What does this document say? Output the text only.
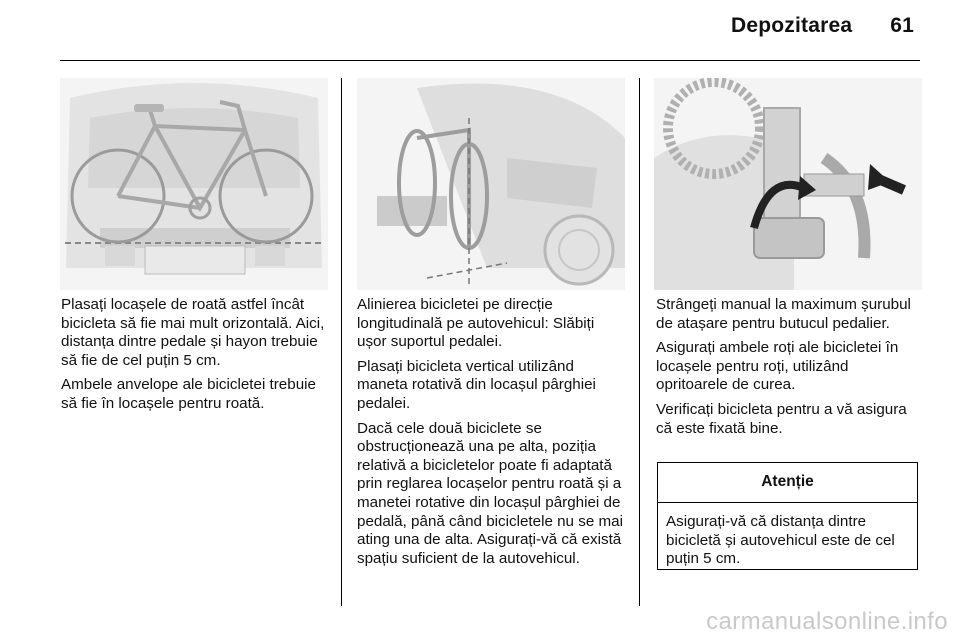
Depozitarea 61

Plasați locașele de roată astfel încât bicicleta să fie mai mult orizontală. Aici, distanța dintre pedale și hayon trebuie să fie de cel puțin 5 cm.

Ambele anvelope ale bicicletei trebuie să fie în locașele pentru roată.

Alinierea bicicletei pe direcție longitudinală pe autovehicul: Slăbiți ușor suportul pedalei.

Plasați bicicleta vertical utilizând maneta rotativă din locașul pârghiei pedalei.

Dacă cele două biciclete se obstrucționează una pe alta, poziția relativă a bicicletelor poate fi adaptată prin reglarea locașelor pentru roată și a manetei rotative din locașul pârghiei de pedală, până când bicicletele nu se mai ating una de alta. Asigurați-vă că există spațiu suficient de la autovehicul.

Strângeți manual la maximum șurubul de atașare pentru butucul pedalier.

Asigurați ambele roți ale bicicletei în locașele pentru roți, utilizând opritoarele de curea.

Verificați bicicleta pentru a vă asigura că este fixată bine.

Atenție
Asigurați-vă că distanța dintre bicicletă și autovehicul este de cel puțin 5 cm.
carmanualsonline.info
